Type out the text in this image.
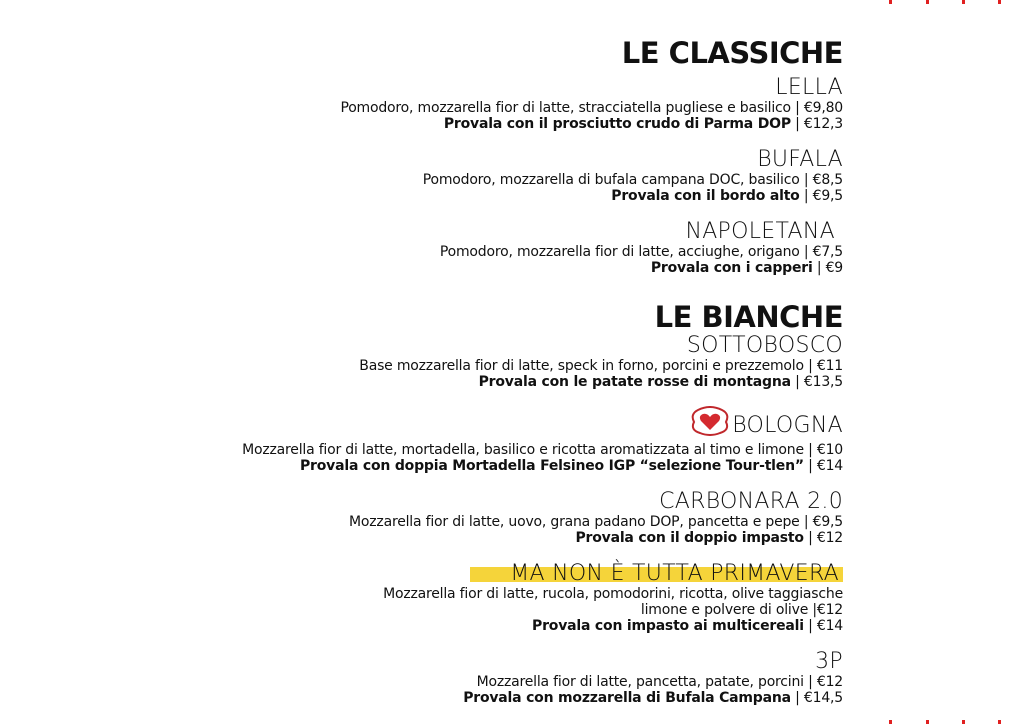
LE CLASSICHE
LELLA
Pomodoro, mozzarella fior di latte, stracciatella pugliese e basilico | €9,80
Provala con il prosciutto crudo di Parma DOP | €12,3
BUFALA
Pomodoro, mozzarella di bufala campana DOC, basilico | €8,5
Provala con il bordo alto | €9,5
NAPOLETANA
Pomodoro, mozzarella fior di latte, acciughe, origano | €7,5
Provala con i capperi | €9
LE BIANCHE
SOTTOBOSCO
Base mozzarella fior di latte, speck in forno, porcini e prezzemolo | €11
Provala con le patate rosse di montagna | €13,5
BOLOGNA
Mozzarella fior di latte, mortadella, basilico e ricotta aromatizzata al timo e limone | €10
Provala con doppia Mortadella Felsineo IGP “selezione Tour-tlen” | €14
CARBONARA 2.0
Mozzarella fior di latte, uovo, grana padano DOP, pancetta e pepe | €9,5
Provala con il doppio impasto | €12
MA NON È TUTTA PRIMAVERA
Mozzarella fior di latte, rucola, pomodorini, ricotta, olive taggiasche
limone e polvere di olive |€12
Provala con impasto ai multicereali | €14
3P
Mozzarella fior di latte, pancetta, patate, porcini | €12
Provala con mozzarella di Bufala Campana | €14,5
